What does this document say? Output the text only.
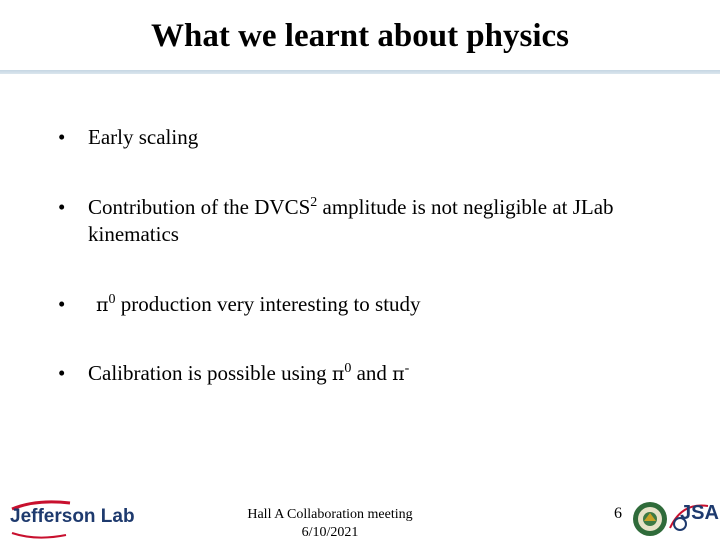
What we learnt about physics
• Early scaling
• Contribution of the DVCS$^2$ amplitude is not negligible at JLab kinematics
• $\pi^0$ production very interesting to study
• Calibration is possible using $\pi^0$ and π-
Jefferson Lab	Hall A Collaboration meeting
6/10/2021
6	JSA
